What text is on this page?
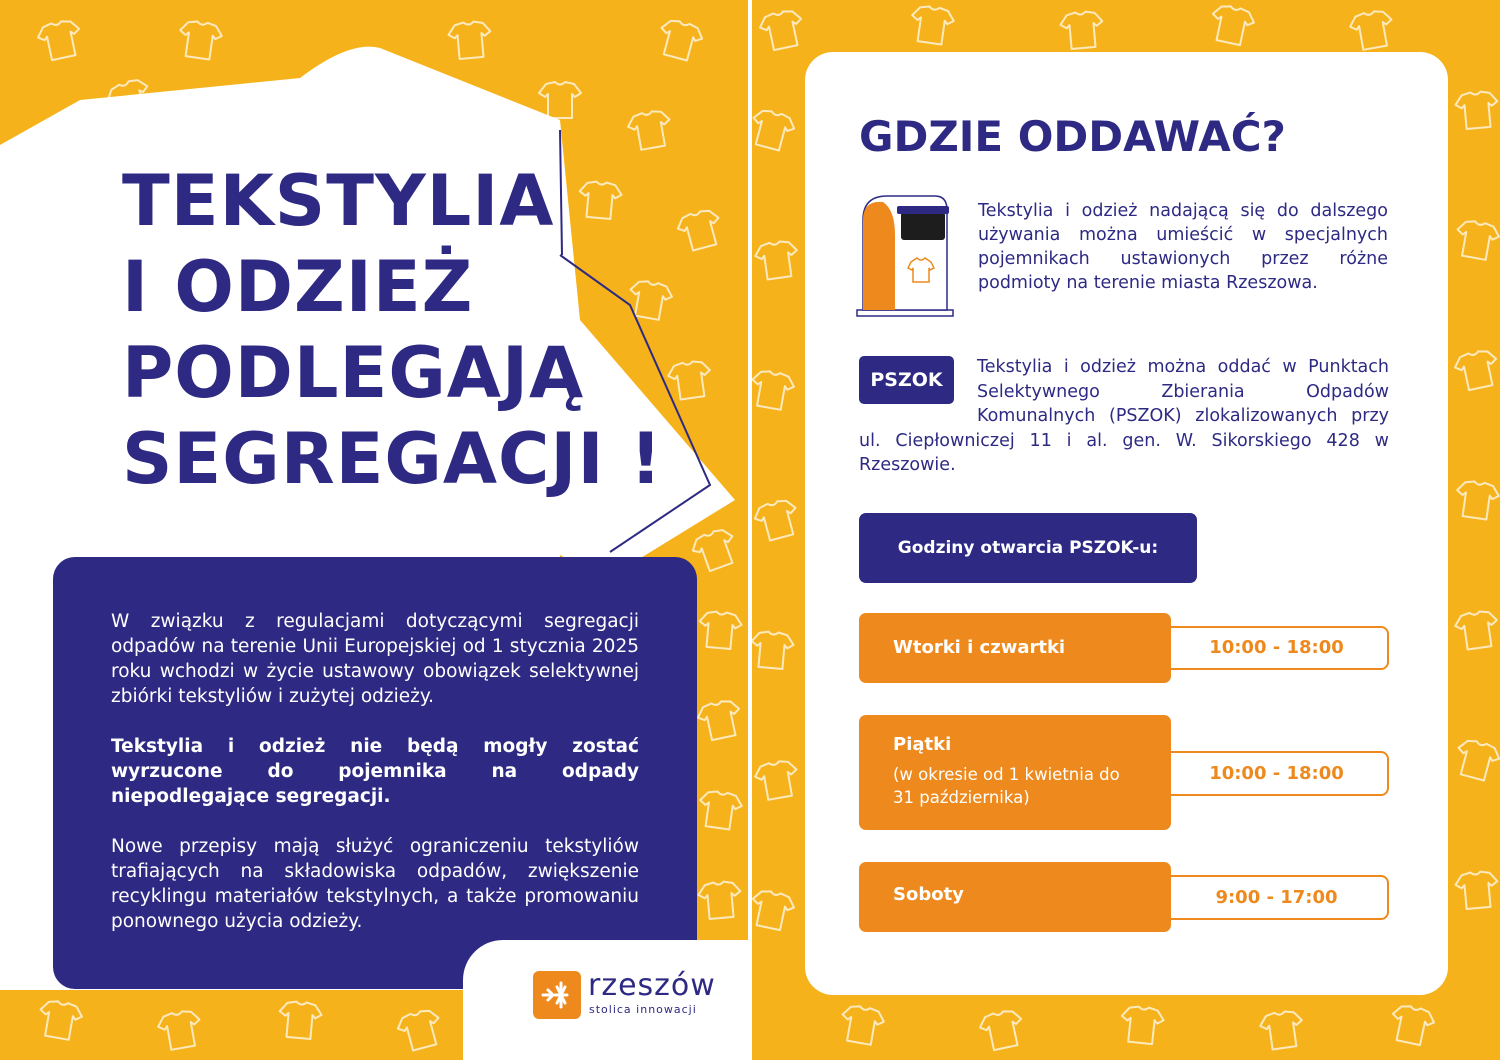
TEKSTYLIA
I ODZIEŻ
PODLEGAJĄ
SEGREGACJI !

W związku z regulacjami dotyczącymi segregacji odpadów na terenie Unii Europejskiej od 1 stycznia 2025 roku wchodzi w życie ustawowy obowiązek selektywnej zbiórki tekstyliów i zużytej odzieży.

Tekstylia i odzież nie będą mogły zostać wyrzucone do pojemnika na odpady niepodlegające segregacji.

Nowe przepisy mają służyć ograniczeniu tekstyliów trafiających na składowiska odpadów, zwiększenie recyklingu materiałów tekstylnych, a także promowaniu ponownego użycia odzieży.

rzeszów
stolica innowacji
GDZIE ODDAWAĆ?
Tekstylia i odzież nadającą się do dalszego używania można umieścić w specjalnych pojemnikach ustawionych przez różne podmioty na terenie miasta Rzeszowa.
Tekstylia i odzież można oddać w Punktach Selektywnego Zbierania Odpadów Komunalnych (PSZOK) zlokalizowanych przy ul. Ciepłowniczej 11 i al. gen. W. Sikorskiego 428 w Rzeszowie.
PSZOK
Godziny otwarcia PSZOK-u:
10:00 - 18:00
Wtorki i czwartki
10:00 - 18:00
Piątki
(w okresie od 1 kwietnia do 31 października)
9:00 - 17:00
Soboty
